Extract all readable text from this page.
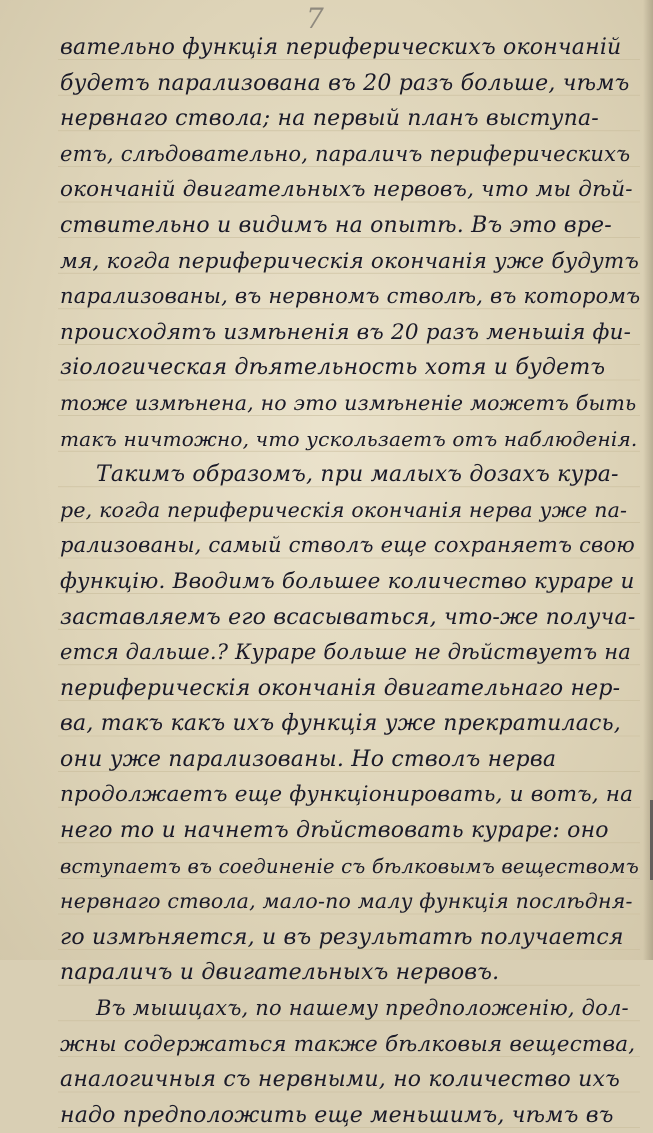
7
вательно функція периферическихъ окончаній
будетъ парализована въ 20 разъ больше, чѣмъ
нервнаго ствола; на первый планъ выступа-
етъ, слѣдовательно, параличъ периферическихъ
окончаній двигательныхъ нервовъ, что мы дѣй-
ствительно и видимъ на опытѣ. Въ это вре-
мя, когда периферическія окончанія уже будутъ
парализованы, въ нервномъ стволѣ, въ которомъ
происходятъ измѣненія въ 20 разъ меньшія фи-
зіологическая дѣятельность хотя и будетъ
тоже измѣнена, но это измѣненіе можетъ быть
такъ ничтожно, что ускользаетъ отъ наблюденія.
Такимъ образомъ, при малыхъ дозахъ кура-
ре, когда периферическія окончанія нерва уже па-
рализованы, самый стволъ еще сохраняетъ свою
функцію. Вводимъ большее количество кураре и
заставляемъ его всасываться, что-же получа-
ется дальше.? Кураре больше не дѣйствуетъ на
периферическія окончанія двигательнаго нер-
ва, такъ какъ ихъ функція уже прекратилась,
они уже парализованы. Но стволъ нерва
продолжаетъ еще функціонировать, и вотъ, на
него то и начнетъ дѣйствовать кураре: оно
вступаетъ въ соединеніе съ бѣлковымъ веществомъ
нервнаго ствола, мало-по малу функція послѣдня-
го измѣняется, и въ результатѣ получается
параличъ и двигательныхъ нервовъ.
Въ мышцахъ, по нашему предположенію, дол-
жны содержаться также бѣлковыя вещества,
аналогичныя съ нервными, но количество ихъ
надо предположить еще меньшимъ, чѣмъ въ
